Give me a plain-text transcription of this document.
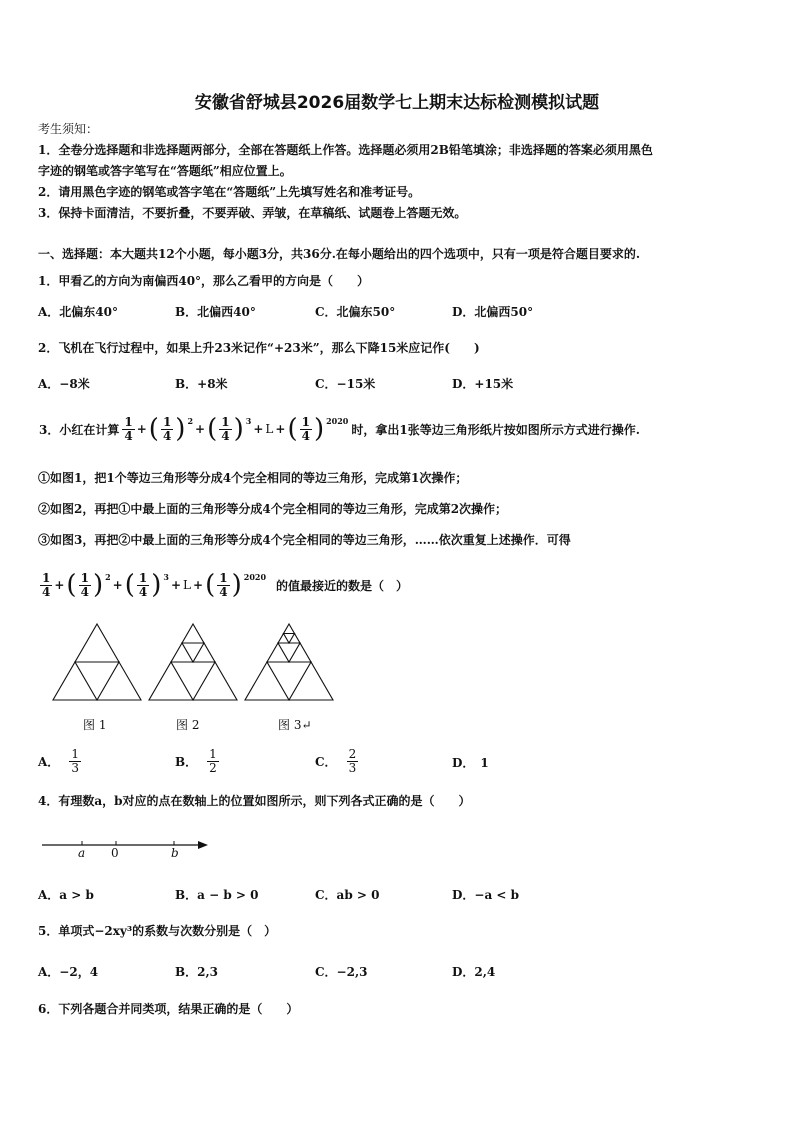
安徽省舒城县2026届数学七上期末达标检测模拟试题
考生须知：
1．全卷分选择题和非选择题两部分，全部在答题纸上作答。选择题必须用2B铅笔填涂；非选择题的答案必须用黑色
字迹的钢笔或答字笔写在“答题纸”相应位置上。
2．请用黑色字迹的钢笔或答字笔在“答题纸”上先填写姓名和准考证号。
3．保持卡面清洁，不要折叠，不要弄破、弄皱，在草稿纸、试题卷上答题无效。
一、选择题：本大题共12个小题，每小题3分，共36分.在每小题给出的四个选项中，只有一项是符合题目要求的.
1．甲看乙的方向为南偏西40°，那么乙看甲的方向是（　　）
A．北偏东40°	B．北偏西40°	C．北偏东50°	D．北偏西50°
2．飞机在飞行过程中，如果上升23米记作“+23米”，那么下降15米应记作(　　)
A．−8米	B．+8米	C．−15米	D．+15米
3．小红在计算 $\frac{1}{4}$ + ( $\frac{1}{4}$ ) 2
+ ( $\frac{1}{4}$ ) 3
+ L + ( $\frac{1}{4}$ ) 2020
时，拿出1张等边三角形纸片按如图所示方式进行操作.
①如图1，把1个等边三角形等分成4个完全相同的等边三角形，完成第1次操作；
②如图2，再把①中最上面的三角形等分成4个完全相同的等边三角形，完成第2次操作；
③如图3，再把②中最上面的三角形等分成4个完全相同的等边三角形，……依次重复上述操作．可得
$\frac{1}{4}$ + ( $\frac{1}{4}$ ) 2
+ ( $\frac{1}{4}$ ) 3
+ L + ( $\frac{1}{4}$ ) 2020
的值最接近的数是（　）
图 1	图 2	图 3↵
A． $\frac{1}{3}$	B． $\frac{1}{2}$	C． $\frac{2}{3}$	D． 1
4．有理数a，b对应的点在数轴上的位置如图所示，则下列各式正确的是（　　）
a 0	b
A．a > b	B．a − b > 0	C．ab > 0	D．−a < b
5．单项式−2xy³的系数与次数分别是（　）
A．−2，4	B．2,3	C．−2,3	D．2,4
6．下列各题合并同类项，结果正确的是（　　）
